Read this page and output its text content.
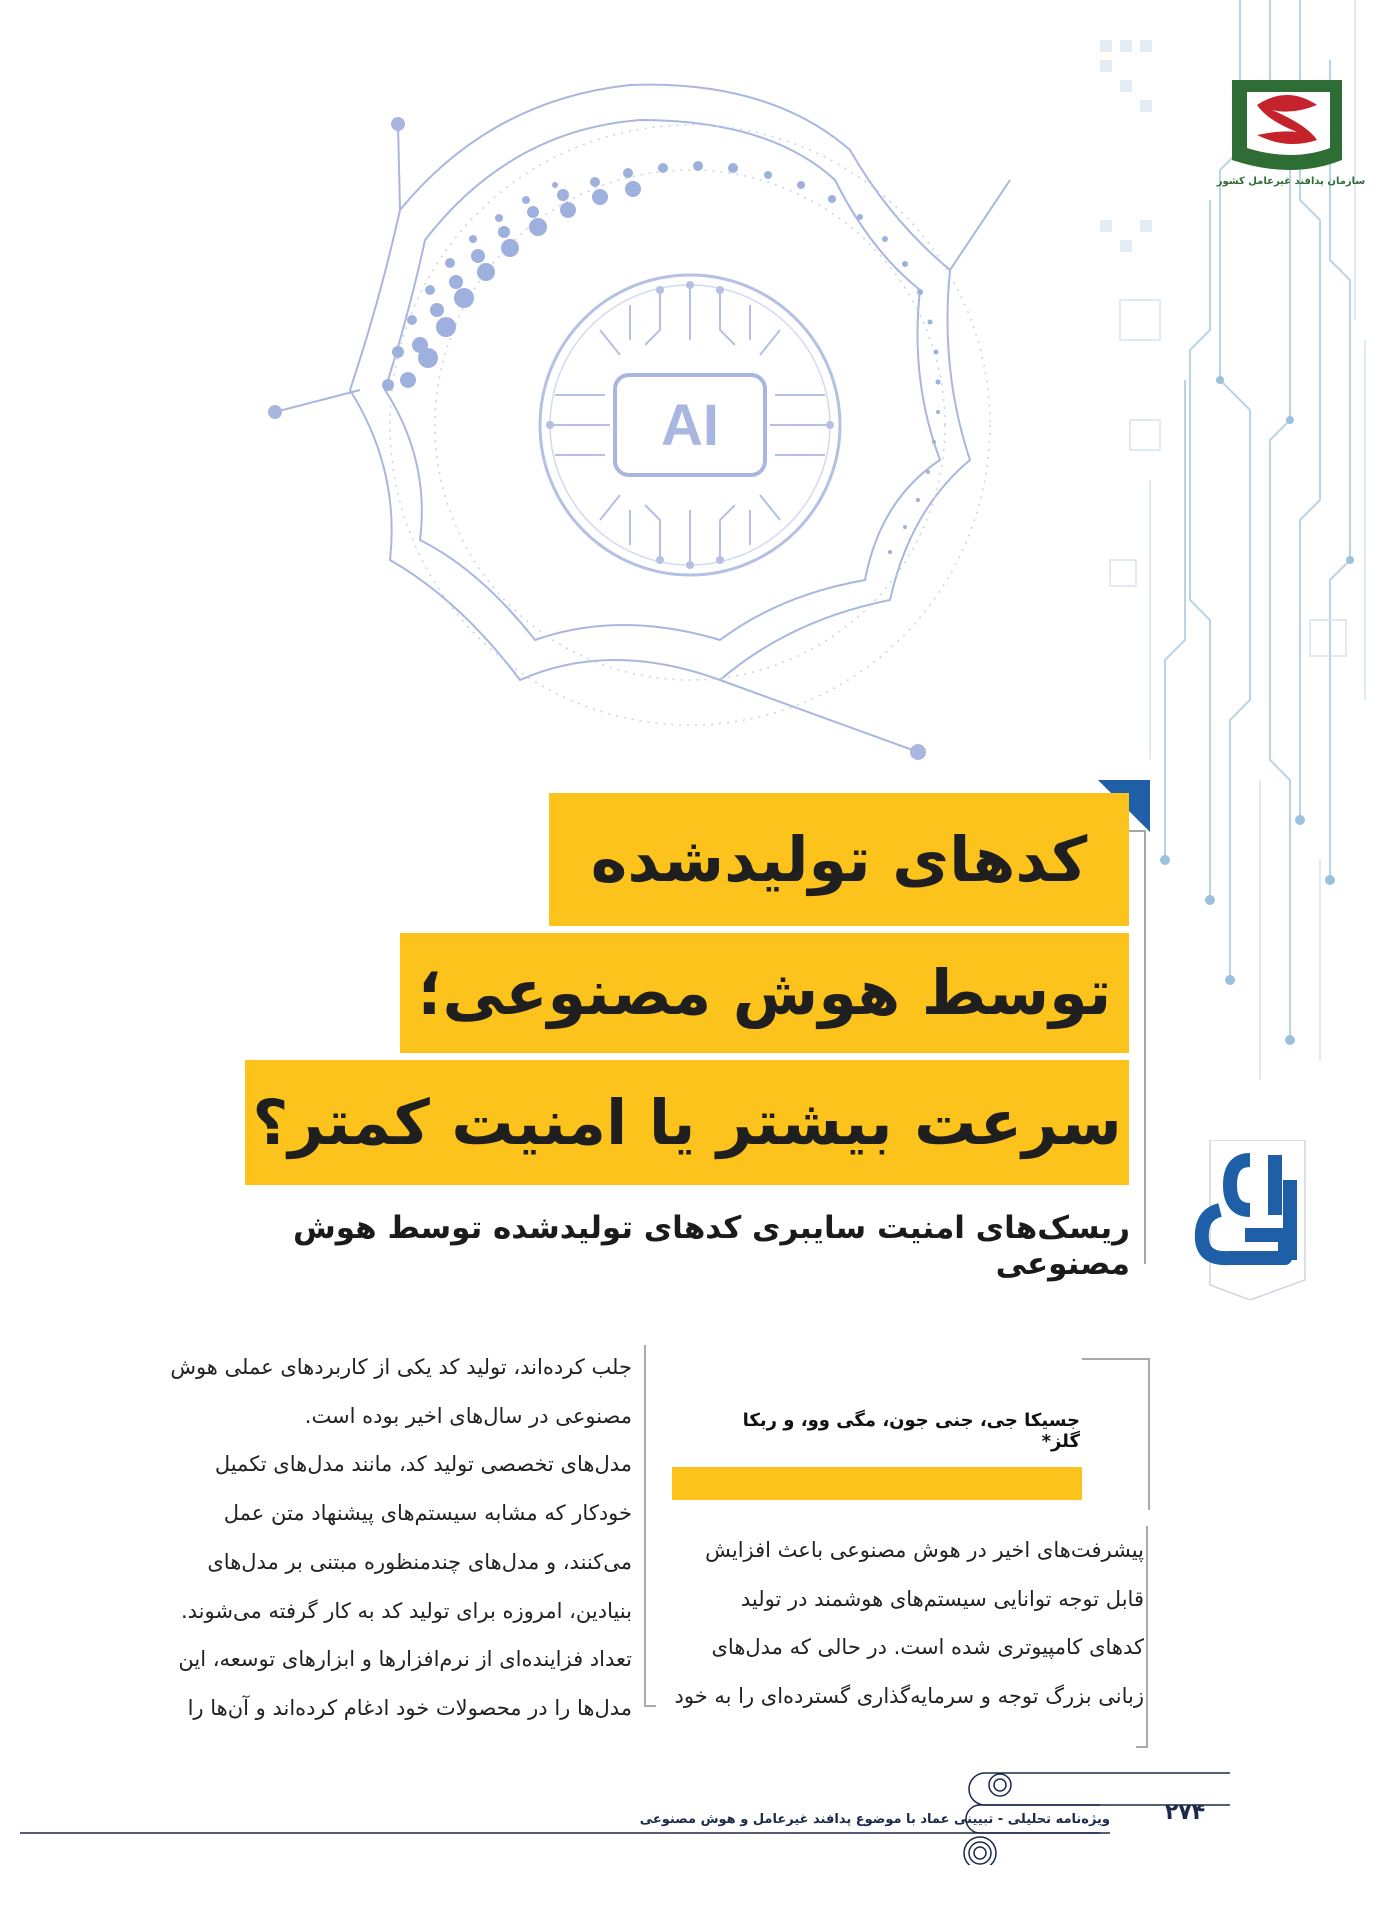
AI
سازمان پدافند غیرعامل کشور
کدهای تولیدشده
توسط هوش مصنوعی؛
سرعت بیشتر یا امنیت کمتر؟
ریسک‌های امنیت سایبری کدهای تولیدشده توسط هوش مصنوعی
جسیکا جی، جنی جون، مگی وو، و ربکا گلز*
پیشرفت‌های اخیر در هوش مصنوعی باعث افزایش
قابل توجه توانایی سیستم‌های هوشمند در تولید
کدهای کامپیوتری شده است. در حالی که مدل‌های
زبانی بزرگ توجه و سرمایه‌گذاری گسترده‌ای را به خود
جلب کرده‌اند، تولید کد یکی از کاربردهای عملی هوش
مصنوعی در سال‌های اخیر بوده است.
مدل‌های تخصصی تولید کد، مانند مدل‌های تکمیل
خودکار که مشابه سیستم‌های پیشنهاد متن عمل
می‌کنند، و مدل‌های چندمنظوره مبتنی بر مدل‌های
بنیادین، امروزه برای تولید کد به کار گرفته می‌شوند.
تعداد فزاینده‌ای از نرم‌افزارها و ابزارهای توسعه، این
مدل‌ها را در محصولات خود ادغام کرده‌اند و آن‌ها را
ویژه‌نامه تحلیلی - تبیینی عماد با موضوع پدافند غیرعامل و هوش مصنوعی	۲۷۴
